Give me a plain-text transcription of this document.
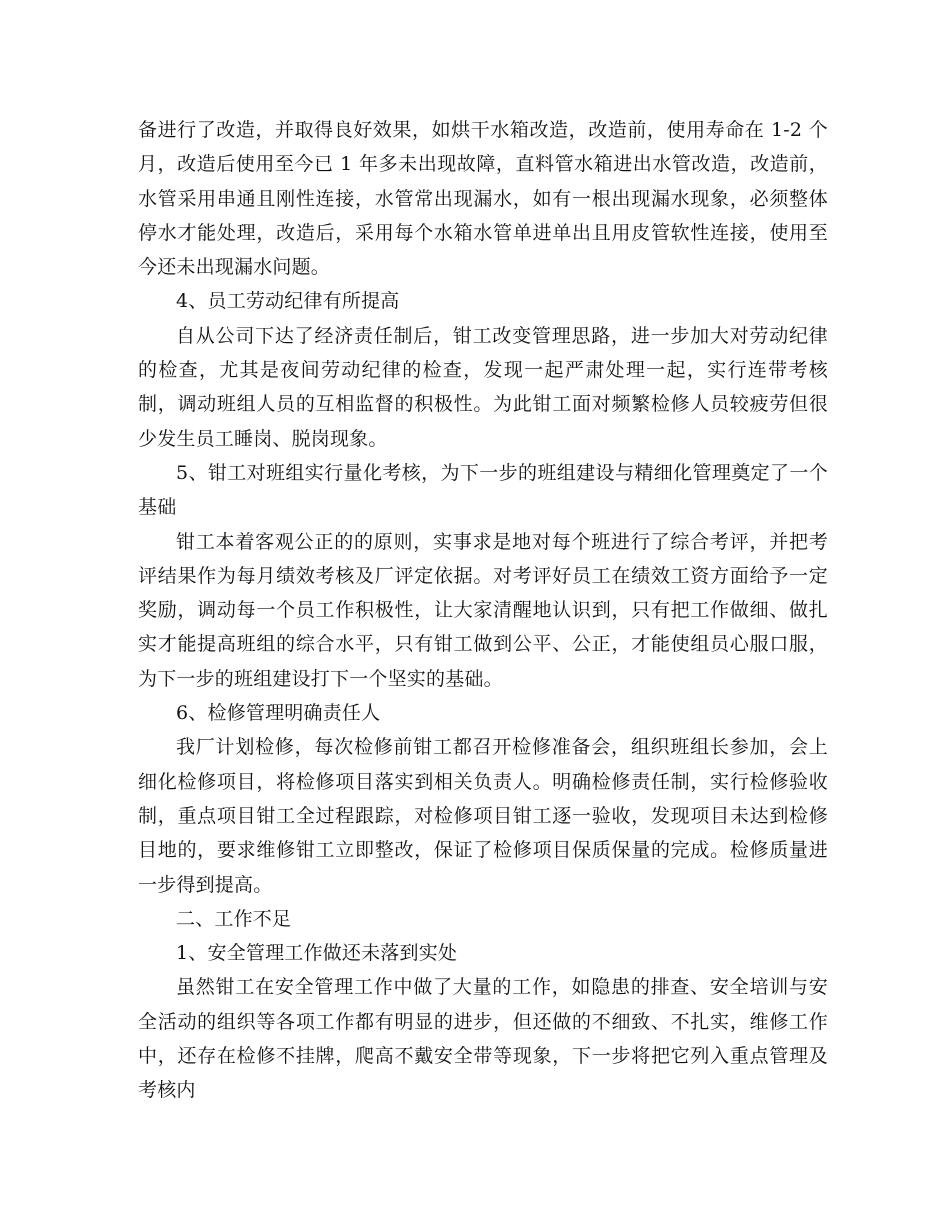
备进行了改造，并取得良好效果，如烘干水箱改造，改造前，使用寿命在 1-2 个月，改造后使用至今已 1 年多未出现故障，直料管水箱进出水管改造，改造前，水管采用串通且刚性连接，水管常出现漏水，如有一根出现漏水现象，必须整体停水才能处理，改造后，采用每个水箱水管单进单出且用皮管软性连接，使用至今还未出现漏水问题。

4、员工劳动纪律有所提高

自从公司下达了经济责任制后，钳工改变管理思路，进一步加大对劳动纪律的检查，尤其是夜间劳动纪律的检查，发现一起严肃处理一起，实行连带考核制，调动班组人员的互相监督的积极性。为此钳工面对频繁检修人员较疲劳但很少发生员工睡岗、脱岗现象。

5、钳工对班组实行量化考核，为下一步的班组建设与精细化管理奠定了一个基础

钳工本着客观公正的的原则，实事求是地对每个班进行了综合考评，并把考评结果作为每月绩效考核及厂评定依据。对考评好员工在绩效工资方面给予一定奖励，调动每一个员工作积极性，让大家清醒地认识到，只有把工作做细、做扎实才能提高班组的综合水平，只有钳工做到公平、公正，才能使组员心服口服，为下一步的班组建设打下一个坚实的基础。

6、检修管理明确责任人

我厂计划检修，每次检修前钳工都召开检修准备会，组织班组长参加，会上细化检修项目，将检修项目落实到相关负责人。明确检修责任制，实行检修验收制，重点项目钳工全过程跟踪，对检修项目钳工逐一验收，发现项目未达到检修目地的，要求维修钳工立即整改，保证了检修项目保质保量的完成。检修质量进一步得到提高。

二、工作不足

1、安全管理工作做还未落到实处

虽然钳工在安全管理工作中做了大量的工作，如隐患的排查、安全培训与安全活动的组织等各项工作都有明显的进步，但还做的不细致、不扎实，维修工作中，还存在检修不挂牌，爬高不戴安全带等现象，下一步将把它列入重点管理及考核内
